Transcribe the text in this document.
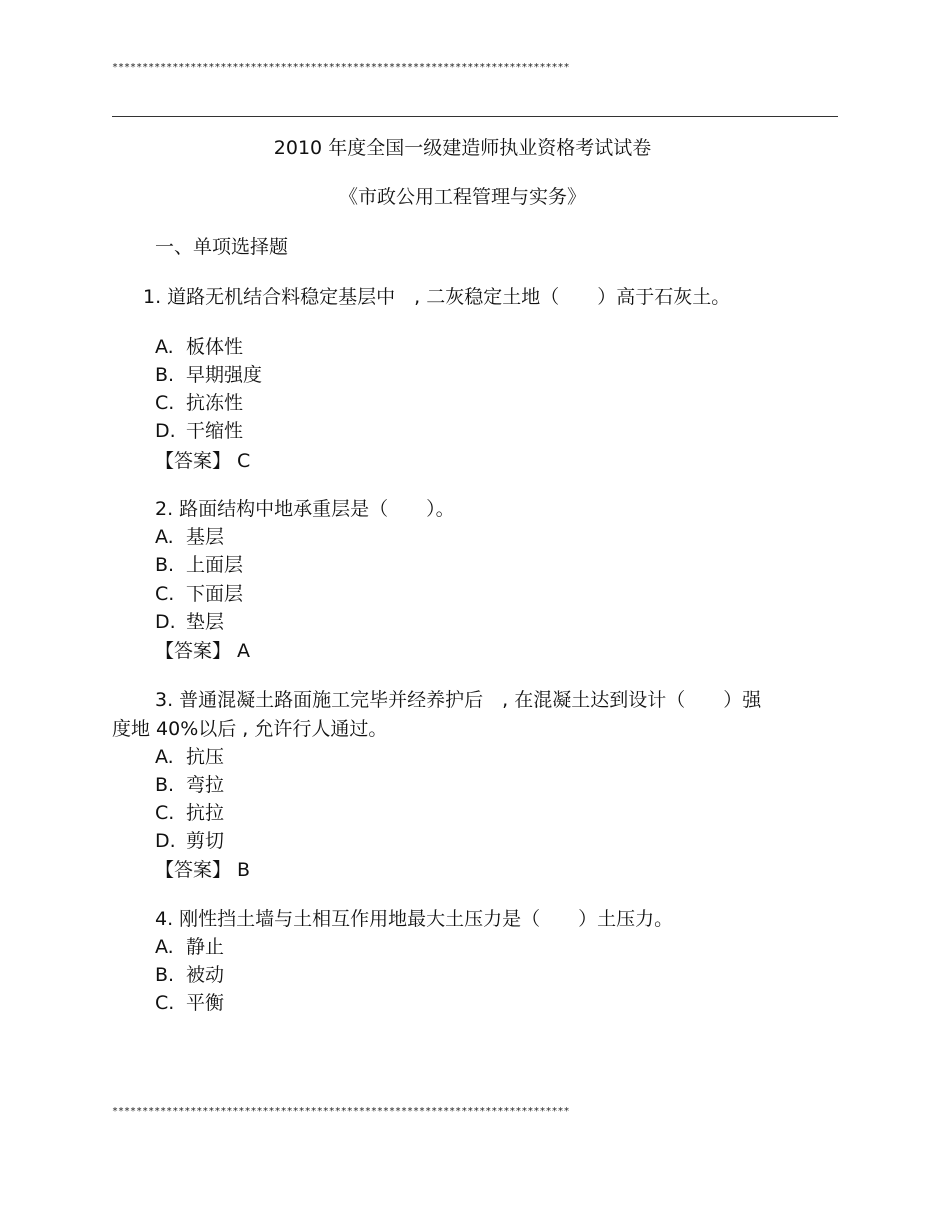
****************************************************************************
2010 年度全国一级建造师执业资格考试试卷
《市政公用工程管理与实务》
一、单项选择题
1. 道路无机结合料稳定基层中　, 二灰稳定土地（　　）高于石灰土。
A. 板体性
B. 早期强度
C. 抗冻性
D. 干缩性
【答案】 C
2. 路面结构中地承重层是（　　）。
A. 基层
B. 上面层
C. 下面层
D. 垫层
【答案】 A
3. 普通混凝土路面施工完毕并经养护后　, 在混凝土达到设计（　　）强
度地 40%以后 , 允许行人通过。
A. 抗压
B. 弯拉
C. 抗拉
D. 剪切
【答案】 B
4. 刚性挡土墙与土相互作用地最大土压力是（　　）土压力。
A. 静止
B. 被动
C. 平衡
****************************************************************************
